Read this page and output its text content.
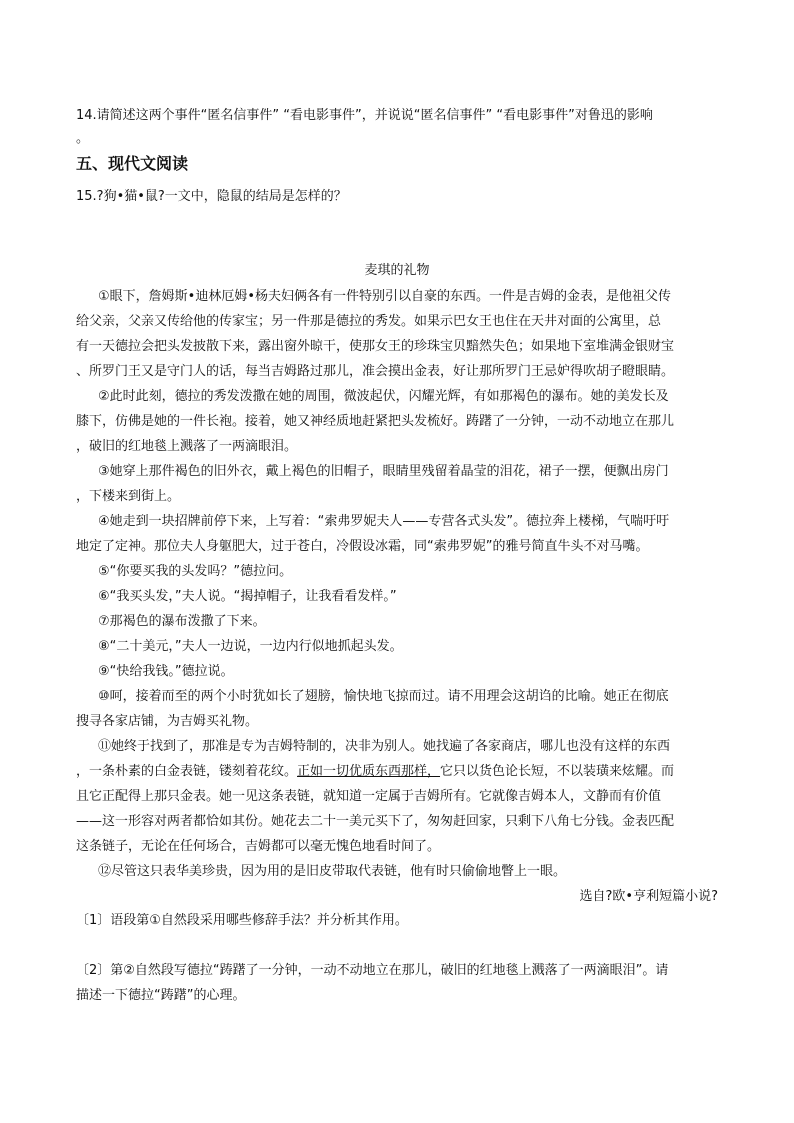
14.请简述这两个事件“匿名信事件” “看电影事件”，并说说“匿名信事件” “看电影事件”对鲁迅的影响
。
五、现代文阅读
15.?狗•猫•鼠?一文中，隐鼠的结局是怎样的？
麦琪的礼物
①眼下，詹姆斯•迪林厄姆•杨夫妇俩各有一件特别引以自豪的东西。一件是吉姆的金表，是他祖父传
给父亲，父亲又传给他的传家宝；另一件那是德拉的秀发。如果示巴女王也住在天井对面的公寓里，总
有一天德拉会把头发披散下来，露出窗外晾干，使那女王的珍珠宝贝黯然失色；如果地下室堆满金银财宝
、所罗门王又是守门人的话，每当吉姆路过那儿，准会摸出金表，好让那所罗门王忌妒得吹胡子瞪眼睛。
②此时此刻，德拉的秀发泼撒在她的周围，微波起伏，闪耀光辉，有如那褐色的瀑布。她的美发长及
膝下，仿佛是她的一件长袍。接着，她又神经质地赶紧把头发梳好。踌躇了一分钟，一动不动地立在那儿
，破旧的红地毯上溅落了一两滴眼泪。
③她穿上那件褐色的旧外衣，戴上褐色的旧帽子，眼睛里残留着晶莹的泪花，裙子一摆，便飘出房门
，下楼来到街上。
④她走到一块招牌前停下来，上写着：“索弗罗妮夫人——专营各式头发”。德拉奔上楼梯，气喘吁吁
地定了定神。那位夫人身躯肥大，过于苍白，冷假设冰霜，同“索弗罗妮”的雅号简直牛头不对马嘴。
⑤“你要买我的头发吗？”德拉问。
⑥“我买头发，”夫人说。“揭掉帽子，让我看看发样。”
⑦那褐色的瀑布泼撒了下来。
⑧“二十美元，”夫人一边说，一边内行似地抓起头发。
⑨“快给我钱。”德拉说。
⑩呵，接着而至的两个小时犹如长了翅膀，愉快地飞掠而过。请不用理会这胡诌的比喻。她正在彻底
搜寻各家店铺，为吉姆买礼物。
⑪她终于找到了，那准是专为吉姆特制的，决非为别人。她找遍了各家商店，哪儿也没有这样的东西
，一条朴素的白金表链，镂刻着花纹。正如一切优质东西那样，它只以货色论长短，不以装璜来炫耀。而
且它正配得上那只金表。她一见这条表链，就知道一定属于吉姆所有。它就像吉姆本人，文静而有价值
——这一形容对两者都恰如其份。她花去二十一美元买下了，匆匆赶回家，只剩下八角七分钱。金表匹配
这条链子，无论在任何场合，吉姆都可以毫无愧色地看时间了。
⑫尽管这只表华美珍贵，因为用的是旧皮带取代表链，他有时只偷偷地瞥上一眼。
选自?欧•亨利短篇小说?
〔1〕语段第①自然段采用哪些修辞手法？并分析其作用。
〔2〕第②自然段写德拉“踌躇了一分钟，一动不动地立在那儿，破旧的红地毯上溅落了一两滴眼泪”。请
描述一下德拉“踌躇”的心理。
